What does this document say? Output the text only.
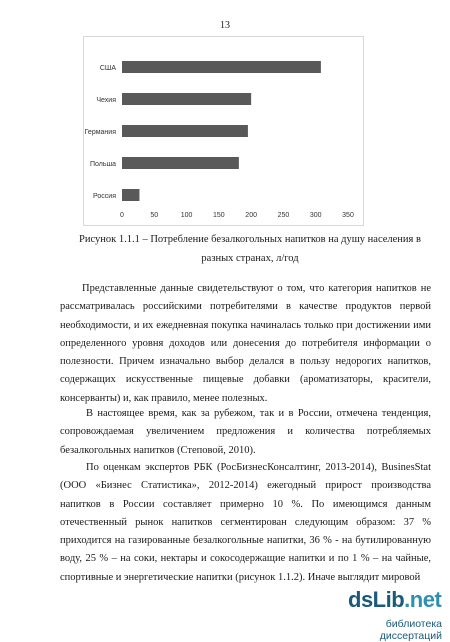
13
США
Чехия
Германия
Польша
Россия
0	50	100	150	200	250	300	350
Рисунок 1.1.1 – Потребление безалкогольных напитков на душу населения в
разных странах, л/год
Представленные данные свидетельствуют о том, что категория напитков не рассматривалась российскими потребителями в качестве продуктов первой необходимости, и их ежедневная покупка начиналась только при достижении ими определенного уровня доходов или донесения до потребителя информации о полезности. Причем изначально выбор делался в пользу недорогих напитков, содержащих искусственные пищевые добавки (ароматизаторы, красители, консерванты) и, как правило, менее полезных.
В настоящее время, как за рубежом, так и в России, отмечена тенденция, сопровождаемая увеличением предложения и количества потребляемых безалкогольных напитков (Степовой, 2010).
По оценкам экспертов РБК (РосБизнесКонсалтинг, 2013-2014), BusinesStat (ООО «Бизнес Статистика», 2012-2014) ежегодный прирост производства напитков в России составляет примерно 10 %. По имеющимся данным отечественный рынок напитков сегментирован следующим образом: 37 % приходится на газированные безалкогольные напитки, 36 % - на бутилированную воду, 25 % – на соки, нектары и сокосодержащие напитки и по 1 % – на чайные, спортивные и энергетические напитки (рисунок 1.1.2). Иначе выглядит мировой
dsLib.net
библиотека диссертаций
